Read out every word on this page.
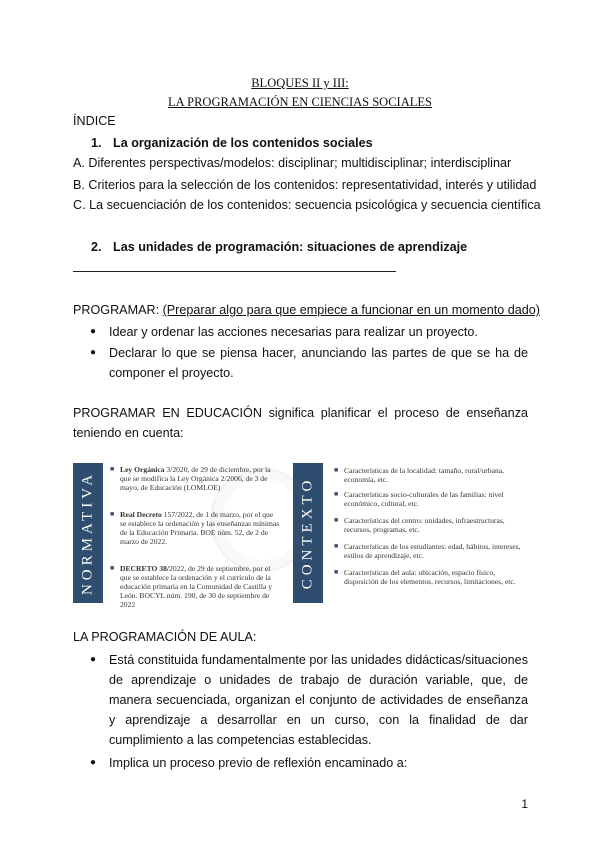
BLOQUES II y III:
LA PROGRAMACIÓN EN CIENCIAS SOCIALES
ÍNDICE
1. La organización de los contenidos sociales
A. Diferentes perspectivas/modelos: disciplinar; multidisciplinar; interdisciplinar
B. Criterios para la selección de los contenidos: representatividad, interés y utilidad
C. La secuenciación de los contenidos: secuencia psicológica y secuencia científica
2. Las unidades de programación: situaciones de aprendizaje
PROGRAMAR: (Preparar algo para que empiece a funcionar en un momento dado)
● Idear y ordenar las acciones necesarias para realizar un proyecto.
● Declarar lo que se piensa hacer, anunciando las partes de que se ha de componer el proyecto.
PROGRAMAR EN EDUCACIÓN significa planificar el proceso de enseñanza teniendo en cuenta:
NORMATIVA
■ Ley Orgánica 3/2020, de 29 de diciembre, por la que se modifica la Ley Orgánica 2/2006, de 3 de mayo, de Educación (LOMLOE)
■ Real Decreto 157/2022, de 1 de marzo, por el que se establece la ordenación y las enseñanzas mínimas de la Educación Primaria. BOE núm. 52, de 2 de marzo de 2022.
■ DECRETO 38/2022, de 29 de septiembre, por el que se establece la ordenación y el currículo de la educación primaria en la Comunidad de Castilla y León. BOCYL núm. 190, de 30 de septiembre de 2022
CONTEXTO
■ Características de la localidad: tamaño, rural/urbana, economía, etc.
■ Características socio-culturales de las familias: nivel económico, cultural, etc.
■ Características del centro: unidades, infraestructuras, recursos, programas, etc.
■ Características de los estudiantes: edad, hábitos, intereses, estilos de aprendizaje, etc.
■ Características del aula: ubicación, espacio físico, disposición de los elementos, recursos, limitaciones, etc.
LA PROGRAMACIÓN DE AULA:
● Está constituida fundamentalmente por las unidades didácticas/situaciones de aprendizaje o unidades de trabajo de duración variable, que, de manera secuenciada, organizan el conjunto de actividades de enseñanza y aprendizaje a desarrollar en un curso, con la finalidad de dar cumplimiento a las competencias establecidas.
● Implica un proceso previo de reflexión encaminado a:
1
